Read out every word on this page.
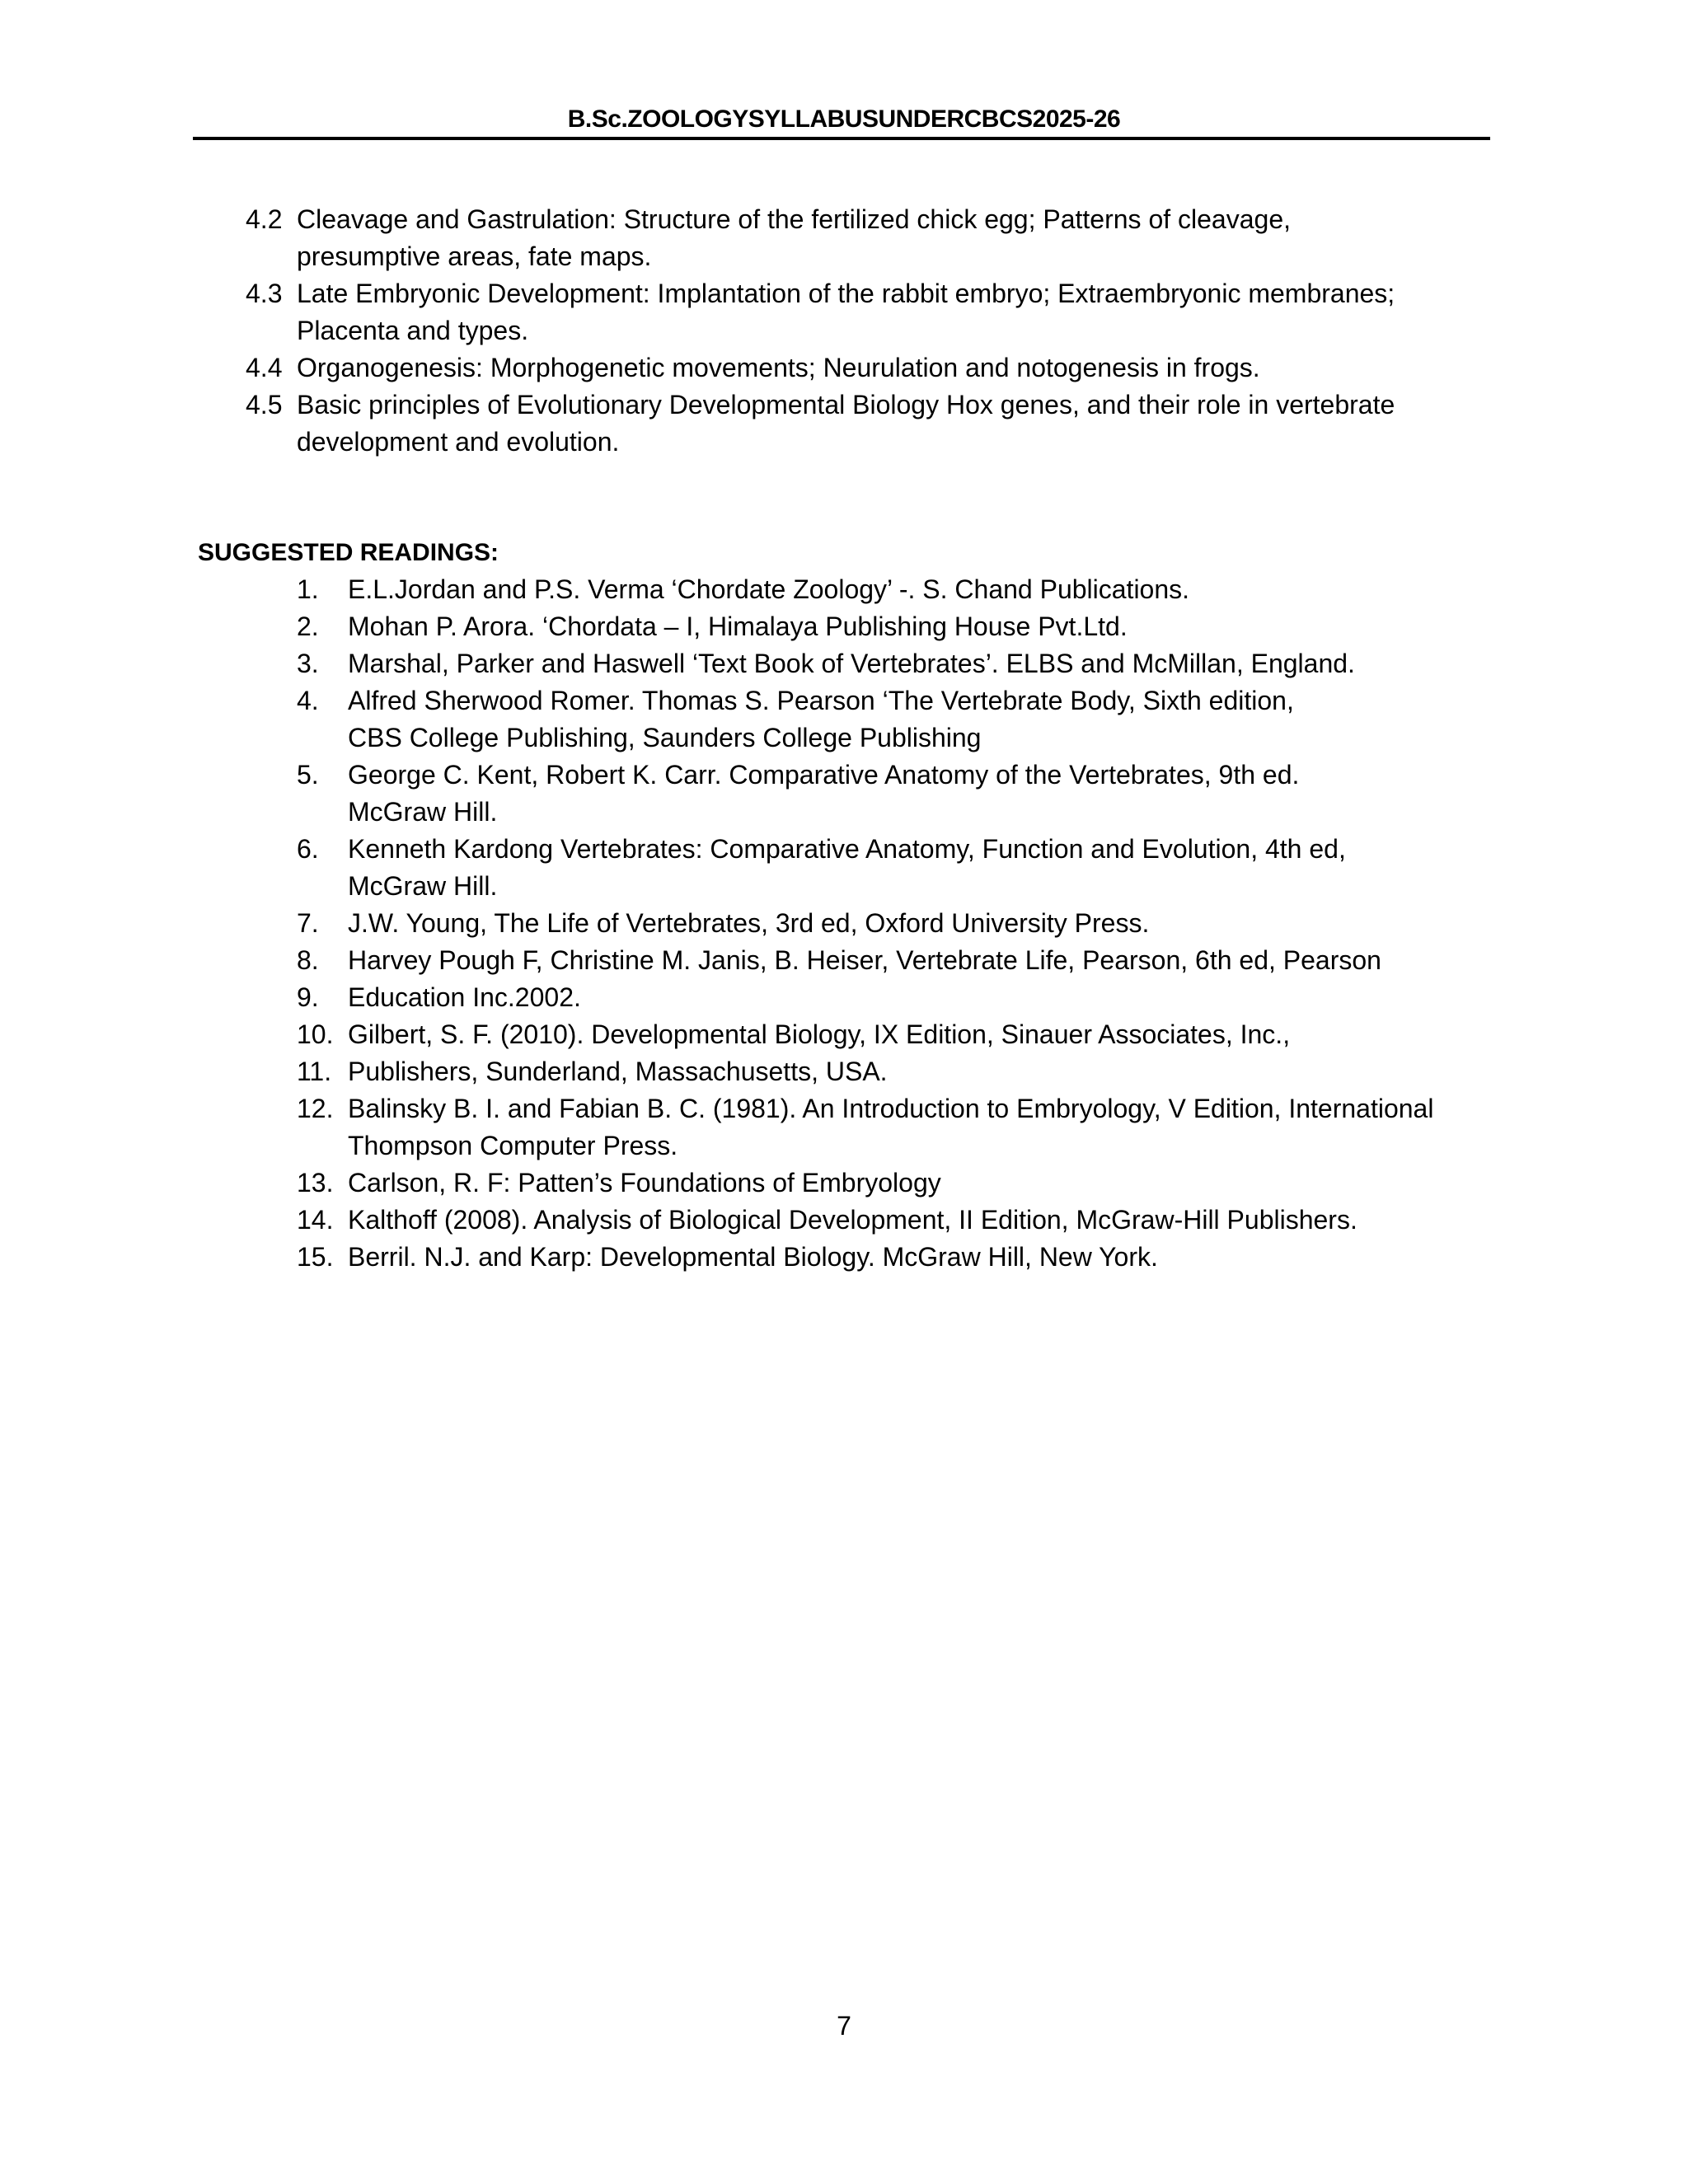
B.Sc.ZOOLOGYSYLLABUSUNDERCBCS2025-26
4.2 Cleavage and Gastrulation: Structure of the fertilized chick egg; Patterns of cleavage,
presumptive areas, fate maps.
4.3 Late Embryonic Development: Implantation of the rabbit embryo; Extraembryonic membranes;
Placenta and types.
4.4 Organogenesis: Morphogenetic movements; Neurulation and notogenesis in frogs.
4.5 Basic principles of Evolutionary Developmental Biology Hox genes, and their role in vertebrate
development and evolution.
SUGGESTED READINGS:
1.	E.L.Jordan and P.S. Verma ‘Chordate Zoology’ -. S. Chand Publications.
2.	Mohan P. Arora. ‘Chordata – I, Himalaya Publishing House Pvt.Ltd.
3.	Marshal, Parker and Haswell ‘Text Book of Vertebrates’. ELBS and McMillan, England.
4.	Alfred Sherwood Romer. Thomas S. Pearson ‘The Vertebrate Body, Sixth edition,
CBS College Publishing, Saunders College Publishing
5.	George C. Kent, Robert K. Carr. Comparative Anatomy of the Vertebrates, 9th ed.
McGraw Hill.
6.	Kenneth Kardong Vertebrates: Comparative Anatomy, Function and Evolution, 4th ed,
McGraw Hill.
7.	J.W. Young, The Life of Vertebrates, 3rd ed, Oxford University Press.
8.	Harvey Pough F, Christine M. Janis, B. Heiser, Vertebrate Life, Pearson, 6th ed, Pearson
9.	Education Inc.2002.
10. Gilbert, S. F. (2010). Developmental Biology, IX Edition, Sinauer Associates, Inc.,
11. Publishers, Sunderland, Massachusetts, USA.
12. Balinsky B. I. and Fabian B. C. (1981). An Introduction to Embryology, V Edition, International
Thompson Computer Press.
13. Carlson, R. F: Patten’s Foundations of Embryology
14. Kalthoff (2008). Analysis of Biological Development, II Edition, McGraw-Hill Publishers.
15. Berril. N.J. and Karp: Developmental Biology. McGraw Hill, New York.
7
